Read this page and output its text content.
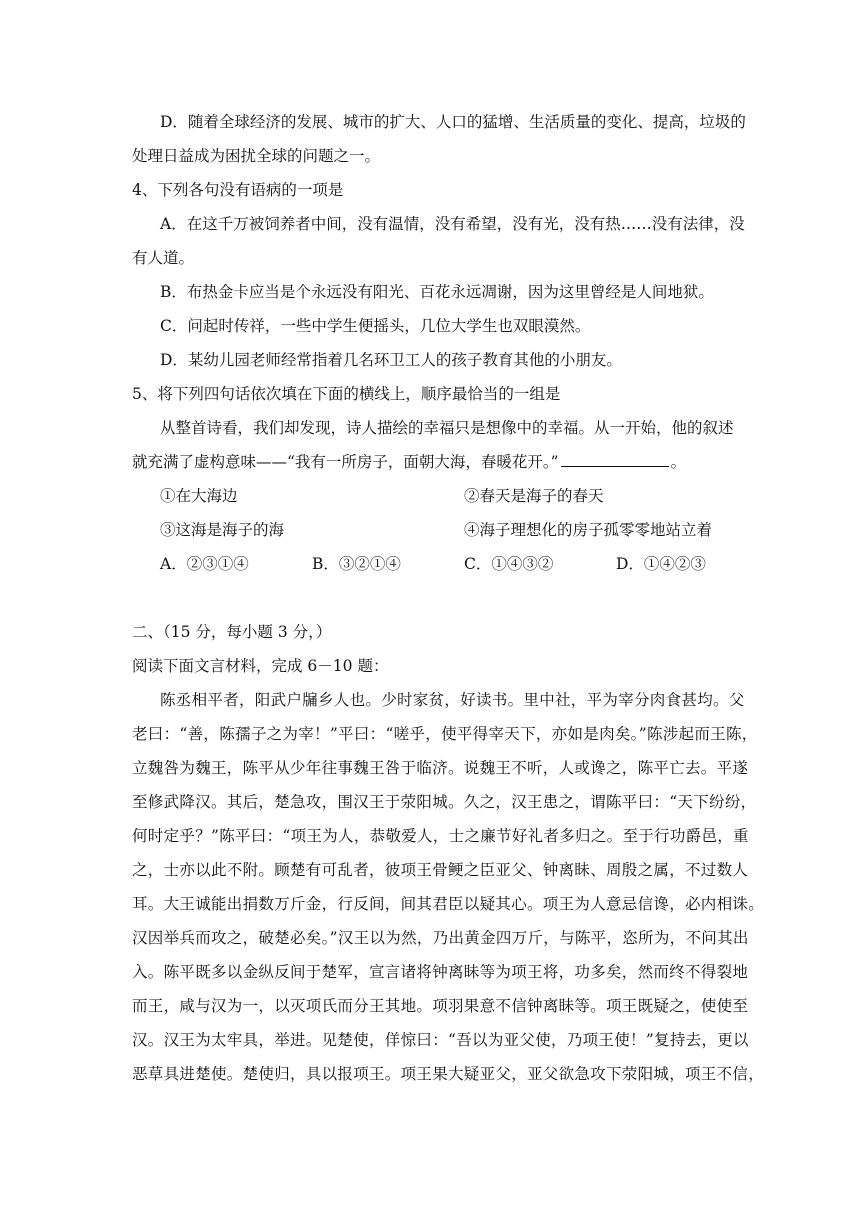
D．随着全球经济的发展、城市的扩大、人口的猛增、生活质量的变化、提高，垃圾的
处理日益成为困扰全球的问题之一。
4、下列各句没有语病的一项是
A．在这千万被饲养者中间，没有温情，没有希望，没有光，没有热……没有法律，没
有人道。
B．布热金卡应当是个永远没有阳光、百花永远凋谢，因为这里曾经是人间地狱。
C．问起时传祥，一些中学生便摇头，几位大学生也双眼漠然。
D．某幼儿园老师经常指着几名环卫工人的孩子教育其他的小朋友。
5、将下列四句话依次填在下面的横线上，顺序最恰当的一组是
从整首诗看，我们却发现，诗人描绘的幸福只是想像中的幸福。从一开始，他的叙述
就充满了虚构意味——“我有一所房子，面朝大海，春暖花开。”	。
①在大海边	②春天是海子的春天
③这海是海子的海	④海子理想化的房子孤零零地站立着
A．②③①④	B．③②①④	C．①④③②	D．①④②③
二、（15 分，每小题 3 分，）
阅读下面文言材料，完成 6－10 题：
陈丞相平者，阳武户牖乡人也。少时家贫，好读书。里中社，平为宰分肉食甚均。父
老曰：“善，陈孺子之为宰！”平曰：“嗟乎，使平得宰天下，亦如是肉矣。”陈涉起而王陈，
立魏咎为魏王，陈平从少年往事魏王咎于临济。说魏王不听，人或谗之，陈平亡去。平遂
至修武降汉。其后，楚急攻，围汉王于荥阳城。久之，汉王患之，谓陈平曰：“天下纷纷，
何时定乎？”陈平曰：“项王为人，恭敬爱人，士之廉节好礼者多归之。至于行功爵邑，重
之，士亦以此不附。顾楚有可乱者，彼项王骨鲠之臣亚父、钟离眛、周殷之属，不过数人
耳。大王诚能出捐数万斤金，行反间，间其君臣以疑其心。项王为人意忌信谗，必内相诛。
汉因举兵而攻之，破楚必矣。”汉王以为然，乃出黄金四万斤，与陈平，恣所为，不问其出
入。陈平既多以金纵反间于楚军，宣言诸将钟离眛等为项王将，功多矣，然而终不得裂地
而王，咸与汉为一，以灭项氏而分王其地。项羽果意不信钟离眛等。项王既疑之，使使至
汉。汉王为太牢具，举进。见楚使，佯惊曰：“吾以为亚父使，乃项王使！”复持去，更以
恶草具进楚使。楚使归，具以报项王。项王果大疑亚父，亚父欲急攻下荥阳城，项王不信，
